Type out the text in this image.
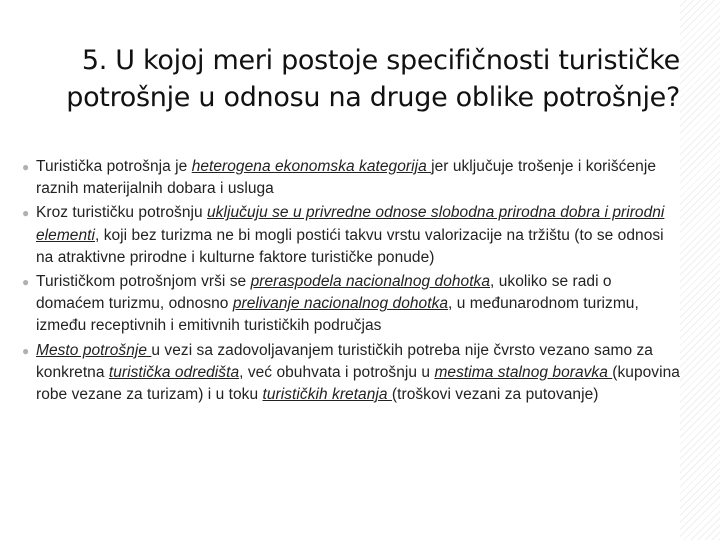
5. U kojoj meri postoje specifičnosti turističke
potrošnje u odnosu na druge oblike potrošnje?
● Turistička potrošnja je heterogena ekonomska kategorija jer uključuje trošenje i korišćenje raznih materijalnih dobara i usluga
● Kroz turističku potrošnju uključuju se u privredne odnose slobodna prirodna dobra i prirodni elementi, koji bez turizma ne bi mogli postići takvu vrstu valorizacije na tržištu (to se odnosi na atraktivne prirodne i kulturne faktore turističke ponude)
● Turističkom potrošnjom vrši se preraspodela nacionalnog dohotka, ukoliko se radi o domaćem turizmu, odnosno prelivanje nacionalnog dohotka, u međunarodnom turizmu, između receptivnih i emitivnih turističkih područjas
● Mesto potrošnje u vezi sa zadovoljavanjem turističkih potreba nije čvrsto vezano samo za konkretna turistička odredišta, već obuhvata i potrošnju u mestima stalnog boravka (kupovina robe vezane za turizam) i u toku turističkih kretanja (troškovi vezani za putovanje)
